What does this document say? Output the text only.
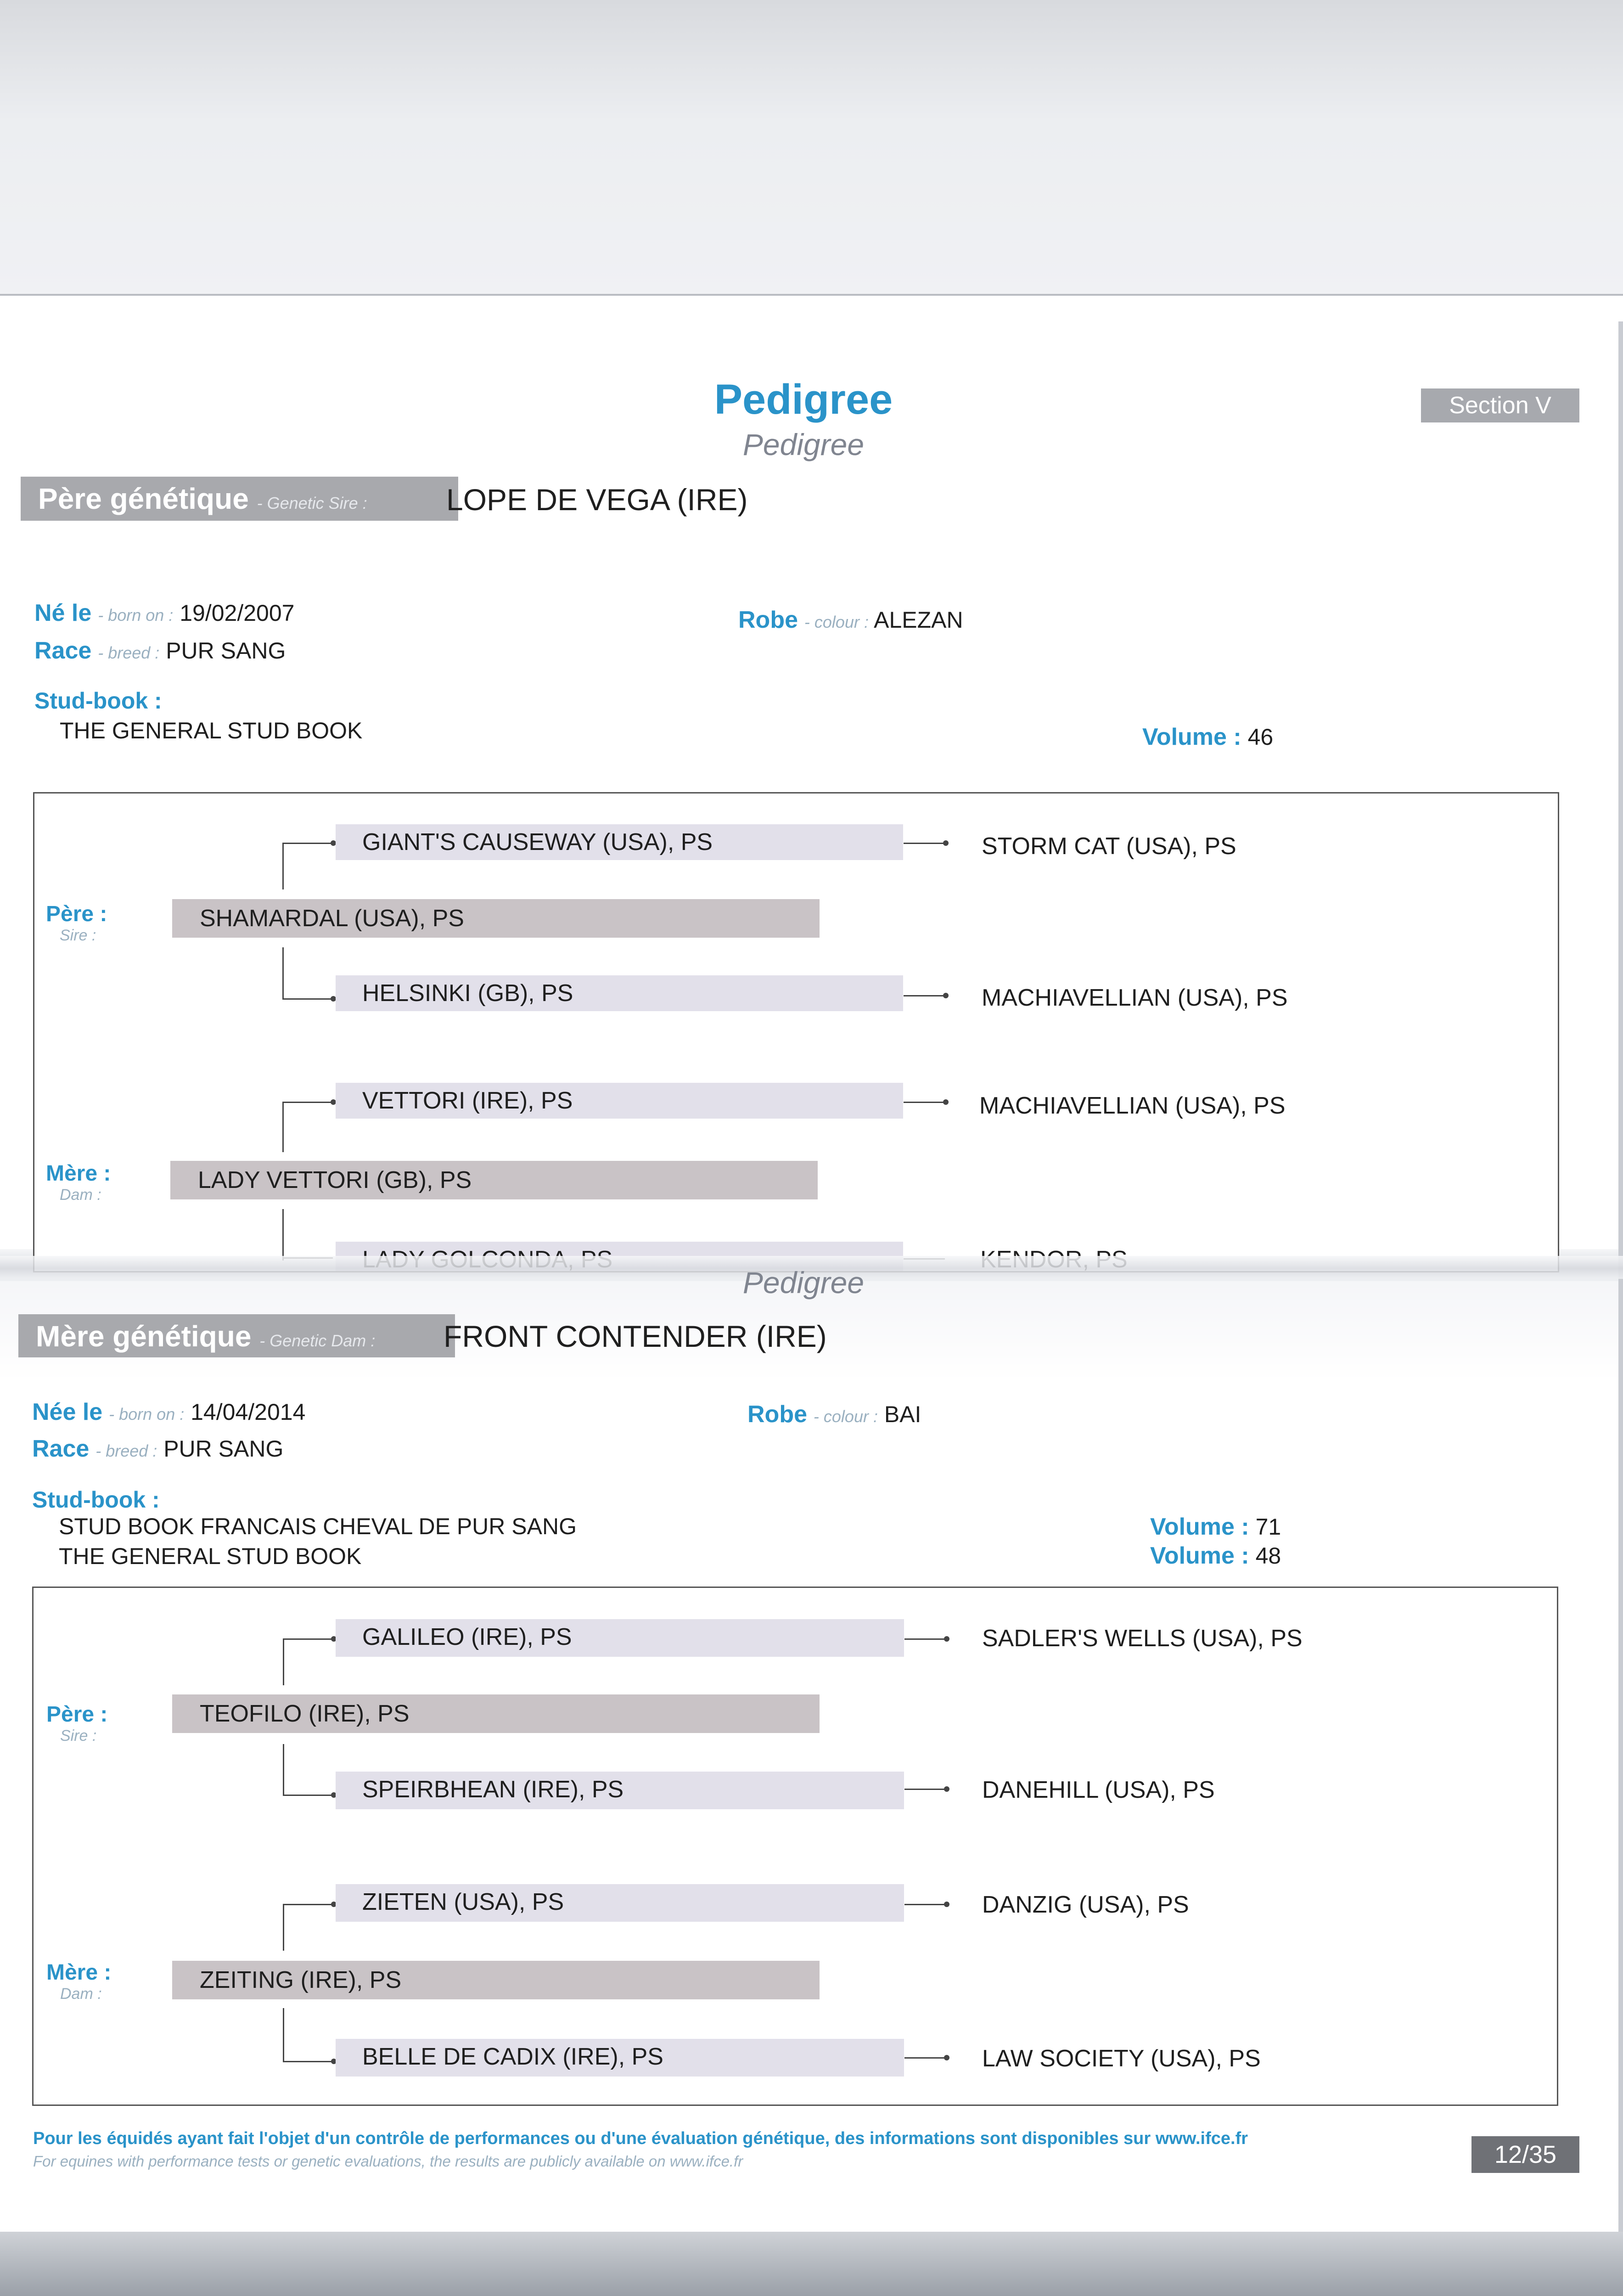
Pedigree
Pedigree
Section V
Père génétique - Genetic Sire :	LOPE DE VEGA (IRE)
Né le - born on : 19/02/2007
Race - breed : PUR SANG
Robe - colour : ALEZAN
Stud-book :
THE GENERAL STUD BOOK	Volume : 46
Père :
Sire :
SHAMARDAL (USA), PS
GIANT'S CAUSEWAY (USA), PS	STORM CAT (USA), PS
HELSINKI (GB), PS	MACHIAVELLIAN (USA), PS
Mère :
Dam :
LADY VETTORI (GB), PS
VETTORI (IRE), PS	MACHIAVELLIAN (USA), PS
Pedigree
Mère génétique - Genetic Dam :	FRONT CONTENDER (IRE)
Née le - born on : 14/04/2014
Race - breed : PUR SANG
Robe - colour : BAI
Stud-book :
STUD BOOK FRANCAIS CHEVAL DE PUR SANG
THE GENERAL STUD BOOK
Volume : 71
Volume : 48
Père :
Sire :
TEOFILO (IRE), PS
GALILEO (IRE), PS	SADLER'S WELLS (USA), PS
SPEIRBHEAN (IRE), PS	DANEHILL (USA), PS
ZIETEN (USA), PS	DANZIG (USA), PS
Mère :
Dam :
ZEITING (IRE), PS
BELLE DE CADIX (IRE), PS	LAW SOCIETY (USA), PS
Pour les équidés ayant fait l'objet d'un contrôle de performances ou d'une évaluation génétique, des informations sont disponibles sur www.ifce.fr
For equines with performance tests or genetic evaluations, the results are publicly available on www.ifce.fr	12/35
